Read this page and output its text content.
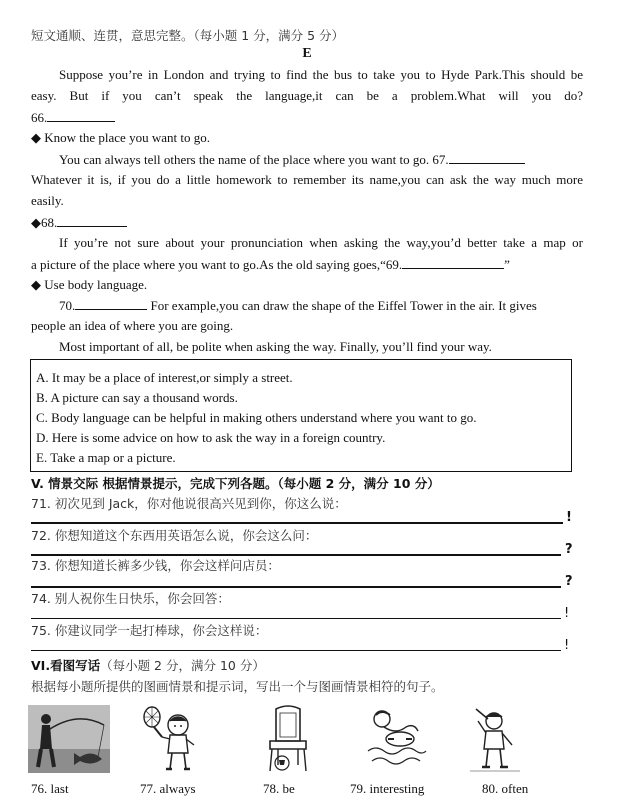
短文通顺、连贯，意思完整。（每小题 1 分，满分 5 分）
E
Suppose you’re in London and trying to find the bus to take you to Hyde Park.This should be
easy. But if you can’t speak the language,it can be a problem.What will you do?
66.
◆ Know the place you want to go.
You can always tell others the name of the place where you want to go. 67.
Whatever it is, if you do a little homework to remember its name,you can ask the way much more
easily.
◆68.
If you’re not sure about your pronunciation when asking the way,you’d better take a map or
a picture of the place where you want to go.As the old saying goes,“69.	”
◆ Use body language.
70.	For example,you can draw the shape of the Eiffel Tower in the air. It gives
people an idea of where you are going.
Most important of all, be polite when asking the way. Finally, you’ll find your way.
A. It may be a place of interest,or simply a street.
B. A picture can say a thousand words.
C. Body language can be helpful in making others understand where you want to go.
D. Here is some advice on how to ask the way in a foreign country.
E. Take a map or a picture.
V. 情景交际 根据情景提示，完成下列各题。（每小题 2 分，满分 10 分）
71. 初次见到 Jack，你对他说很高兴见到你，你这么说：
!
72. 你想知道这个东西用英语怎么说，你会这么问：
?
73. 你想知道长裤多少钱，你会这样问店员：
?
74. 别人祝你生日快乐，你会回答：
!
75. 你建议同学一起打棒球，你会这样说：
!
VI.看图写话（每小题 2 分，满分 10 分）
根据每小题所提供的图画情景和提示词，写出一个与图画情景相符的句子。
76. last	77. always	78. be	79. interesting	80. often
